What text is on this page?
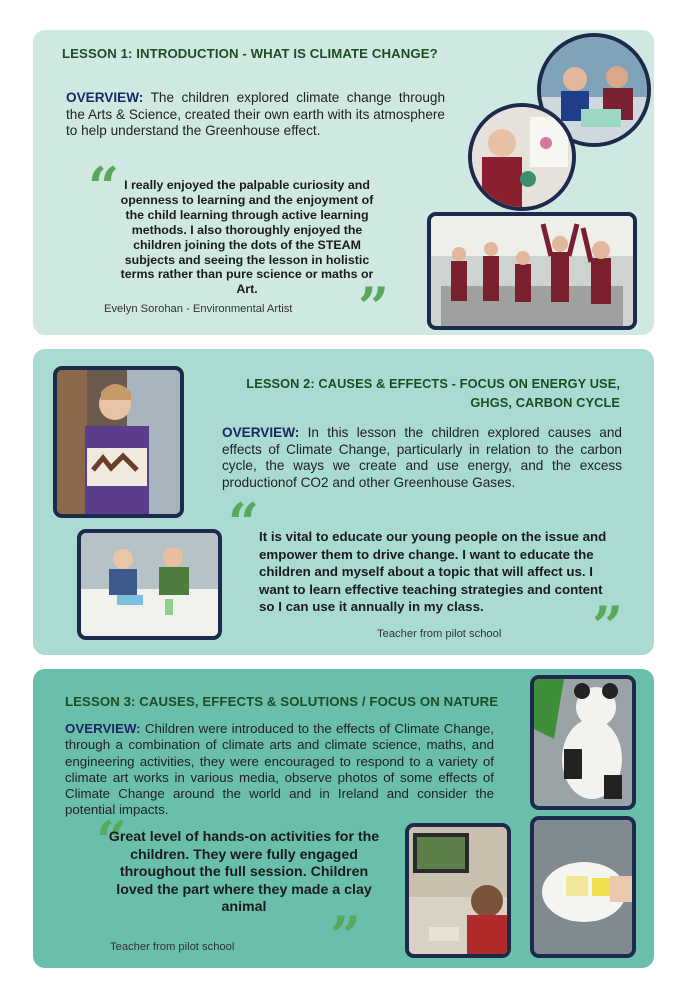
LESSON 1: INTRODUCTION - WHAT IS CLIMATE CHANGE?
OVERVIEW: The children explored climate change through the Arts & Science, created their own earth with its atmosphere to help understand the Greenhouse effect.
“ I really enjoyed the palpable curiosity and openness to learning and the enjoyment of the child learning through active learning methods. I also thoroughly enjoyed the children joining the dots of the STEAM subjects and seeing the lesson in holistic terms rather than pure science or maths or Art.	”
Evelyn Sorohan - Environmental Artist
LESSON 2: CAUSES & EFFECTS - FOCUS ON ENERGY USE,
GHGS, CARBON CYCLE
OVERVIEW: In this lesson the children explored causes and effects of Climate Change, particularly in relation to the carbon cycle, the ways we create and use energy, and the excess productionof CO2 and other Greenhouse Gases.
“ It is vital to educate our young people on the issue and empower them to drive change. I want to educate the children and myself about a topic that will affect us. I want to learn effective teaching strategies and content so I can use it annually in my class.	”
Teacher from pilot school
LESSON 3: CAUSES, EFFECTS & SOLUTIONS / FOCUS ON NATURE
OVERVIEW: Children were introduced to the effects of Climate Change, through a combination of climate arts and climate science, maths, and engineering activities, they were encouraged to respond to a variety of climate art works in various media, observe photos of some effects of Climate Change around the world and in Ireland and consider the potential impacts.
“
Great level of hands-on activities for the children. They were fully engaged throughout the full session. Children loved the part where they made a clay animal	”
Teacher from pilot school
